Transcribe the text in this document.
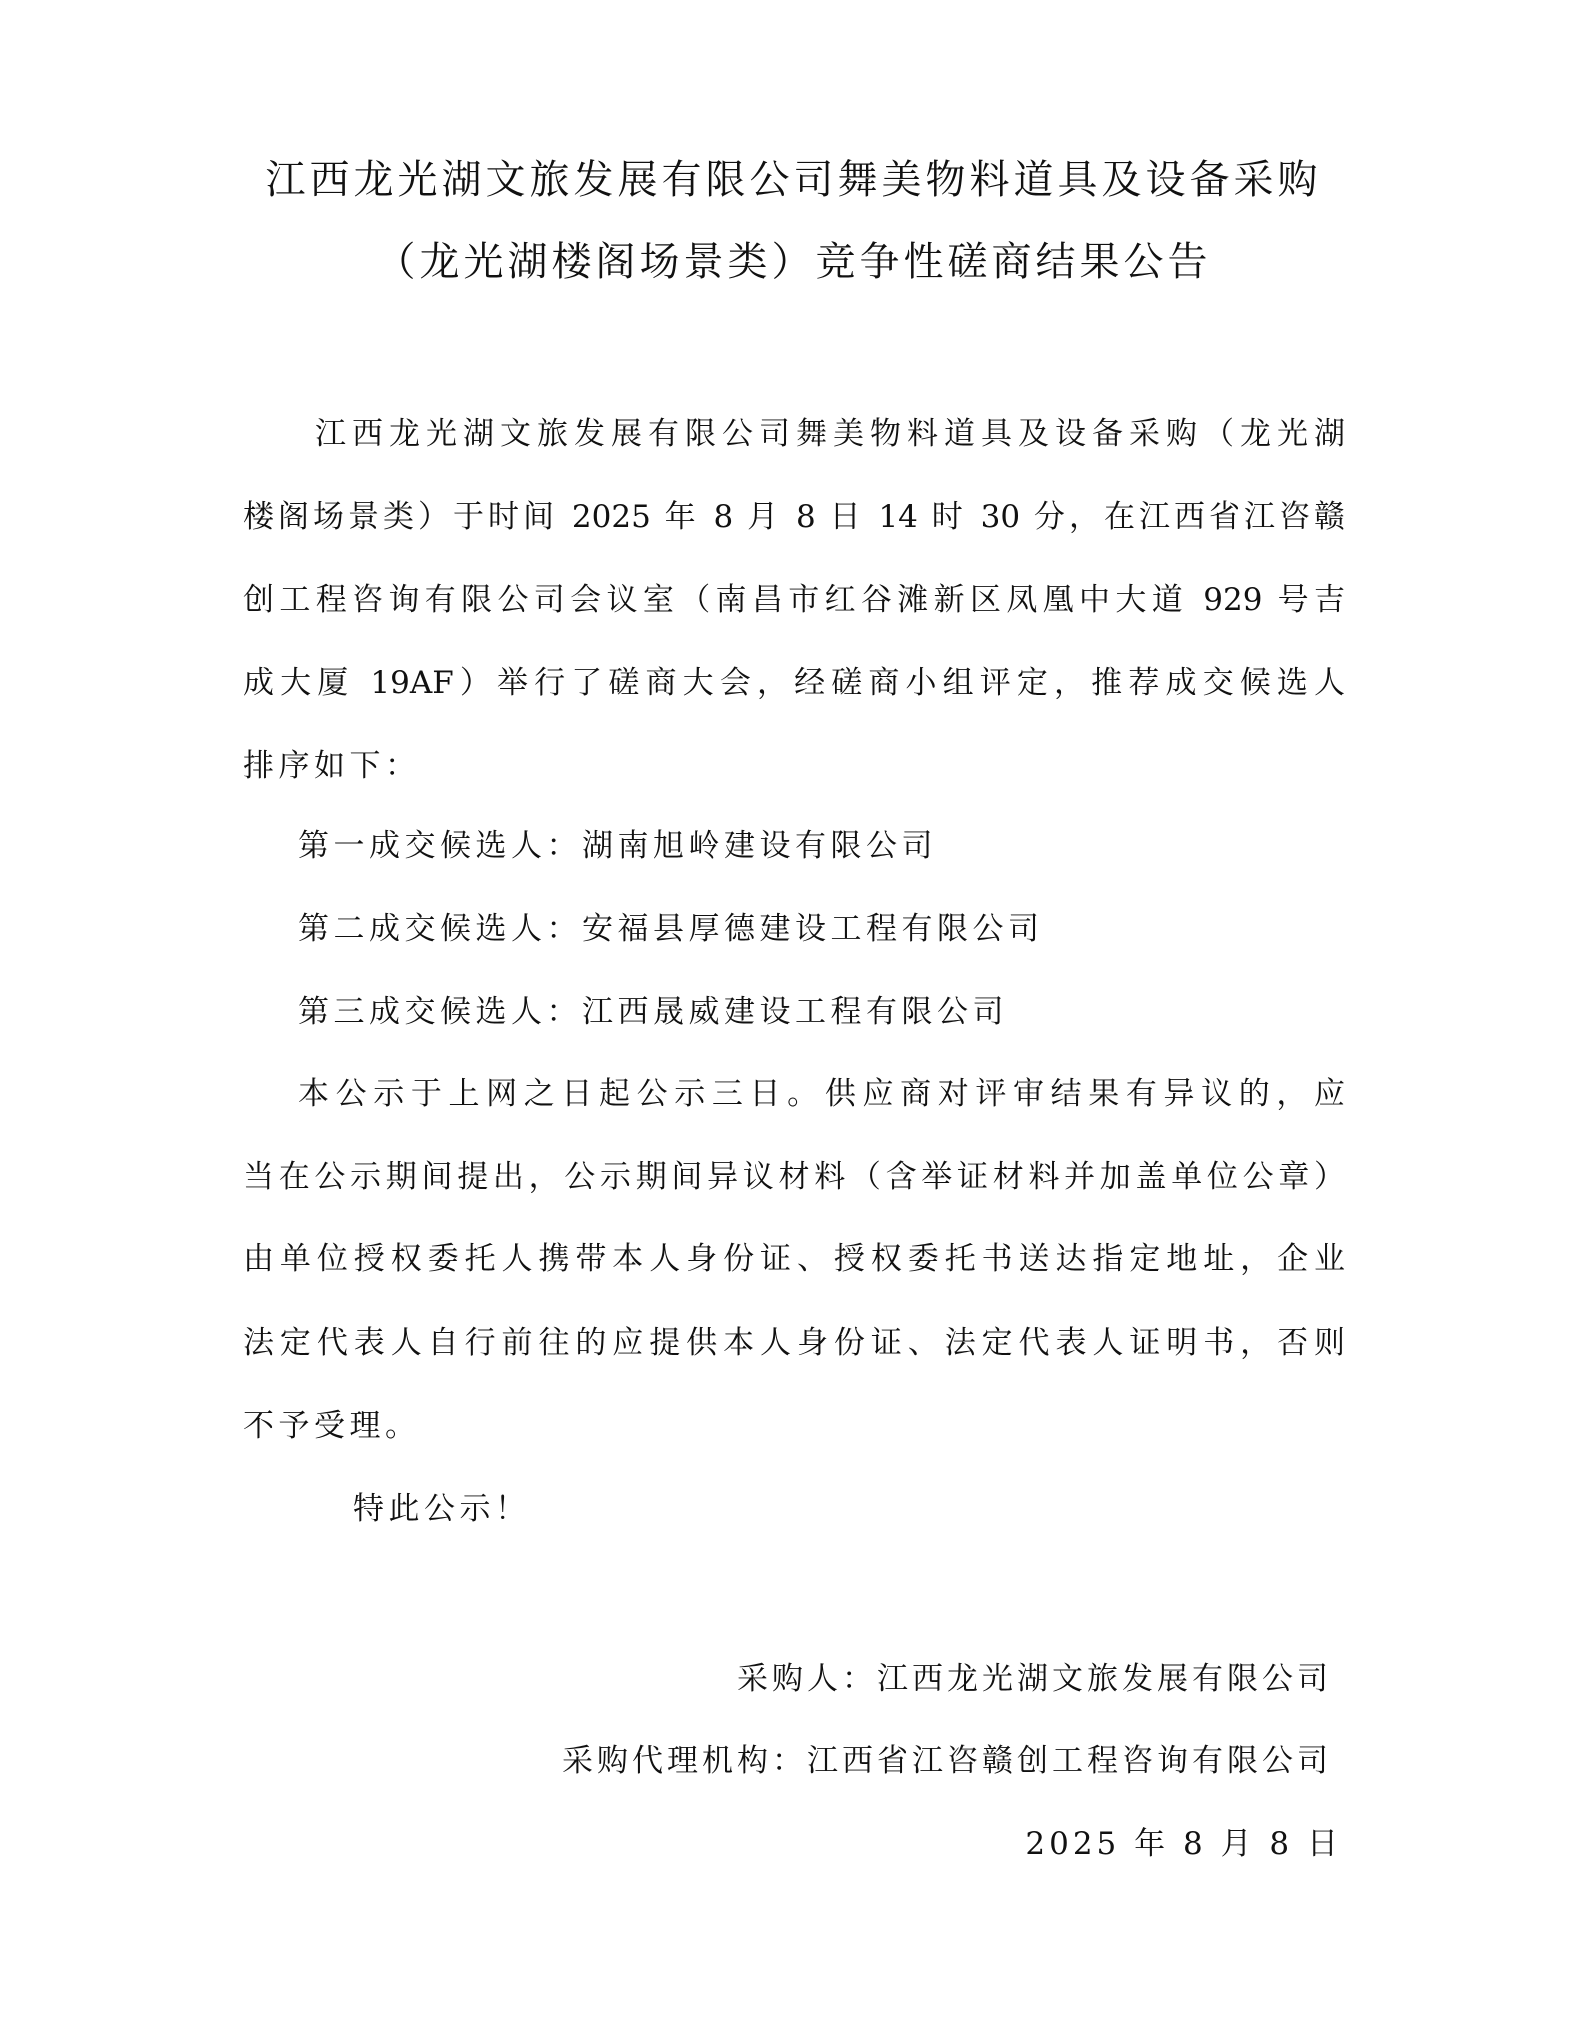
江西龙光湖文旅发展有限公司舞美物料道具及设备采购
（龙光湖楼阁场景类）竞争性磋商结果公告
江西龙光湖文旅发展有限公司舞美物料道具及设备采购（龙光湖
楼阁场景类）于时间 2025 年 8 月 8 日 14 时 30 分，在江西省江咨赣
创工程咨询有限公司会议室（南昌市红谷滩新区凤凰中大道 929 号吉
成大厦 19AF）举行了磋商大会，经磋商小组评定，推荐成交候选人
排序如下：
第一成交候选人：湖南旭岭建设有限公司
第二成交候选人：安福县厚德建设工程有限公司
第三成交候选人：江西晟威建设工程有限公司
本公示于上网之日起公示三日。供应商对评审结果有异议的，应
当在公示期间提出，公示期间异议材料（含举证材料并加盖单位公章）
由单位授权委托人携带本人身份证、授权委托书送达指定地址，企业
法定代表人自行前往的应提供本人身份证、法定代表人证明书，否则
不予受理。
特此公示！
采购人：江西龙光湖文旅发展有限公司
采购代理机构：江西省江咨赣创工程咨询有限公司
2025 年 8 月 8 日
